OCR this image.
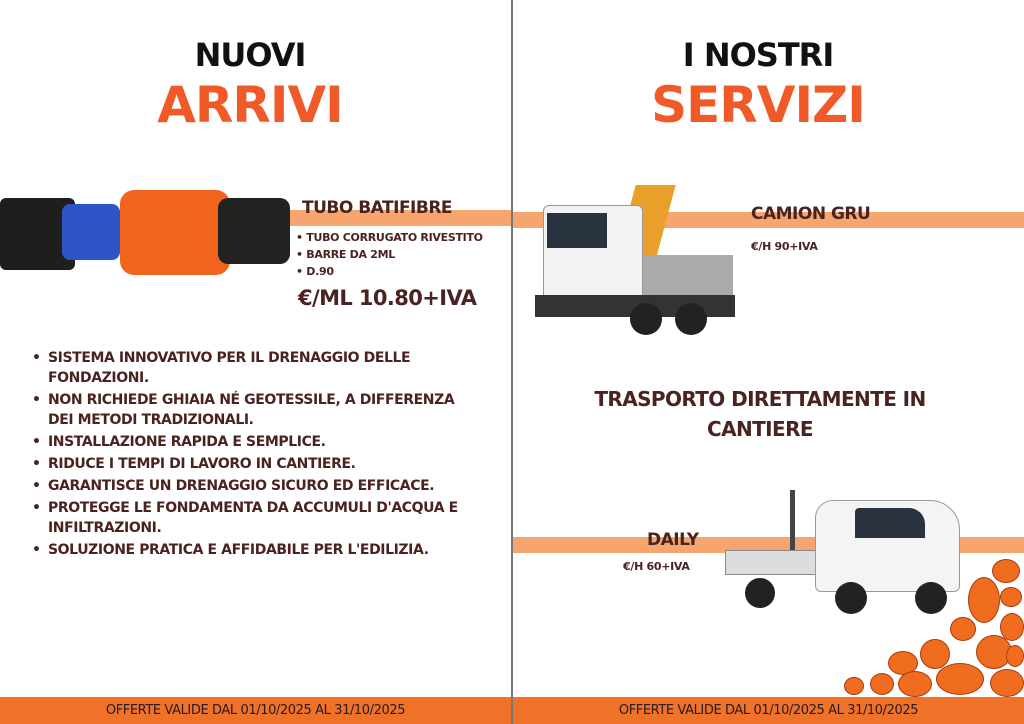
NUOVI
ARRIVI
TUBO BATIFIBRE
• TUBO CORRUGATO RIVESTITO
• BARRE DA 2ML
• D.90
€/ML 10.80+IVA
• SISTEMA INNOVATIVO PER IL DRENAGGIO DELLE FONDAZIONI.
• NON RICHIEDE GHIAIA NÉ GEOTESSILE, A DIFFERENZA DEI METODI TRADIZIONALI.
• INSTALLAZIONE RAPIDA E SEMPLICE.
• RIDUCE I TEMPI DI LAVORO IN CANTIERE.
• GARANTISCE UN DRENAGGIO SICURO ED EFFICACE.
• PROTEGGE LE FONDAMENTA DA ACCUMULI D'ACQUA E INFILTRAZIONI.
• SOLUZIONE PRATICA E AFFIDABILE PER L'EDILIZIA.
OFFERTE VALIDE DAL 01/10/2025 AL 31/10/2025
I NOSTRI
SERVIZI
CAMION GRU
€/H 90+IVA
TRASPORTO DIRETTAMENTE IN CANTIERE
DAILY
€/H 60+IVA
OFFERTE VALIDE DAL 01/10/2025 AL 31/10/2025
